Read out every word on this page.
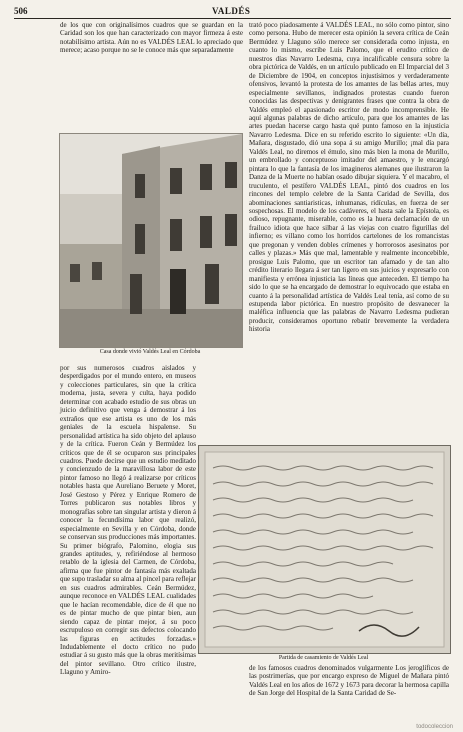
506	VALDÉS

de los que con originalísimos cuadros que se guardan en la Caridad son los que han caracterizado con mayor firmeza á este notabilísimo artista. Aún no es VALDÉS LEAL lo apreciado que merece; acaso porque no se le conoce más que separadamente

Casa donde vivió Valdés Leal en Córdoba

trató poco piadosamente á VALDÉS LEAL, no sólo como pintor, sino como persona. Hubo de merecer esta opinión la severa crítica de Ceán Bermúdez y Llaguno sólo merece ser considerada como injusta, en cuanto lo mismo, escribe Luis Palomo, que el erudito crítico de nuestros días Navarro Ledesma, cuya incalificable censura sobre la obra pictórica de Valdés, en un artículo publicado en El Imparcial del 3 de Diciembre de 1904, en conceptos injustísimos y verdaderamente ofensivos, levantó la protesta de los amantes de las bellas artes, muy especialmente sevillanos, indignados protestas cuando fueron conocidas las despectivas y denigrantes frases que contra la obra de Valdés empleó el apasionado escritor de modo incomprensible. He aquí algunas palabras de dicho artículo, para que los amantes de las artes puedan hacerse cargo hasta qué punto famoso en la injusticia Navarro Ledesma. Dice en su referido escrito lo siguiente: «Un día, Mañara, disgustado, dió una sopa á su amigo Murillo; ¡mal día para Valdés Leal, no diremos el émulo, sino más bien la mona de Murillo, un embrollado y conceptuoso imitador del amaestro, y le encargó pintara lo que la fantasía de los imagineros alemanes que ilustraron la Danza de la Muerte no habían osado dibujar siquiera. Y el macabro, el truculento, el pestífero VALDÉS LEAL, pintó dos cuadros en los rincones del templo celebre de la Santa Caridad de Sevilla, dos abominaciones santiaristicas, inhumanas, ridículas, en fuerza de ser sospechosas. El modelo de los cadáveres, el hasta sale la Epístola, es odioso, repugnante, miserable, como es la huera declamación de un frailuco idiota que hace silbar á las viejas con cuatro figurillas del infierno; es villano como los horridos cartelones de los romancistas que pregonan y venden dobles crímenes y horrorosos asesinatos por calles y plazas.» Más que mal, lamentable y realmente inconcebible, prosigue Luis Palomo, que un escritor tan afamado y de tan alto crédito literario llegara á ser tan ligero en sus juicios y expresarlo con manifiesta y errónea injusticia las líneas que anteceden. El tiempo ha sido lo que se ha encargado de demostrar lo equivocado que estaba en cuanto á la personalidad artística de Valdés Leal tenía, así como de su estupenda labor pictórica. En nuestro propósito de desvanecer la maléfica influencia que las palabras de Navarro Ledesma pudieran producir, consideramos oportuno rebatir brevemente la verdadera historia

por sus numerosos cuadros aislados y desperdigados por el mundo entero, en museos y colecciones particulares, sin que la crítica moderna, justa, severa y culta, haya podido determinar con acabado estudio de sus obras un juicio definitivo que venga á demostrar á los extraños que ese artista es uno de los más geniales de la escuela hispalense. Su personalidad artística ha sido objeto del aplauso y de la crítica. Fueron Ceán y Bermúdez los críticos que de él se ocuparon sus principales cuadros. Puede decirse que un estudio meditado y concienzudo de la maravillosa labor de este pintor famoso no llegó á realizarse por críticos notables hasta que Aureliano Beruete y Moret, José Gestoso y Pérez y Enrique Romero de Torres publicaron sus notables libros y monografías sobre tan singular artista y dieron á conocer la fecundísima labor que realizó, especialmente en Sevilla y en Córdoba, donde se conservan sus producciones más importantes. Su primer biógrafo, Palomino, elogia sus grandes aptitudes, y, refiriéndose al hermoso retablo de la iglesia del Carmen, de Córdoba, afirma que fue pintor de fantasía más exaltada que supo trasladar su alma al pincel para reflejar en sus cuadros admirables. Ceán Bermúdez, aunque reconoce en VALDÉS LEAL cualidades que le hacían recomendable, dice de él que no es de pintar mucho de que pintar bien, aun siendo capaz de pintar mejor, á su poco escrupuloso en corregir sus defectos colocando las figuras en actitudes forzadas.» Indudablemente el docto crítico no pudo estudiar á su gusto más que la obras meritísimas del pintor sevillano. Otro crítico ilustre, Llaguno y Amiro-

Partida de casamiento de Valdés Leal

de los famosos cuadros denominados vulgarmente Los jeroglíficos de las postrimerías, que por encargo expreso de Miguel de Mañara pintó Valdés Leal en los años de 1672 y 1673 para decorar la hermosa capilla de San Jorge del Hospital de la Santa Caridad de Se-

todocoleccion
